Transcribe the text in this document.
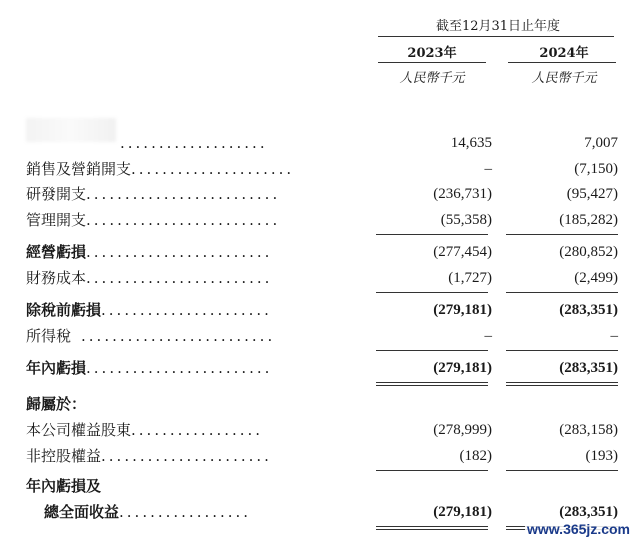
截至12月31日止年度
2023年	2024年
人民幣千元	人民幣千元
...................	14,635	7,007
銷售及營銷開支.....................	–	(7,150)
研發開支.........................	(236,731)	(95,427)
管理開支.........................	(55,358)	(185,282)
經營虧損........................	(277,454)	(280,852)
財務成本........................	(1,727)	(2,499)
除稅前虧損......................	(279,181)	(283,351)
所得稅 .........................	–	–
年內虧損........................	(279,181)	(283,351)
歸屬於：
本公司權益股東.................	(278,999)	(283,158)
非控股權益......................	(182)	(193)
年內虧損及
總全面收益.................	(279,181)	(283,351)
www.365jz.com
